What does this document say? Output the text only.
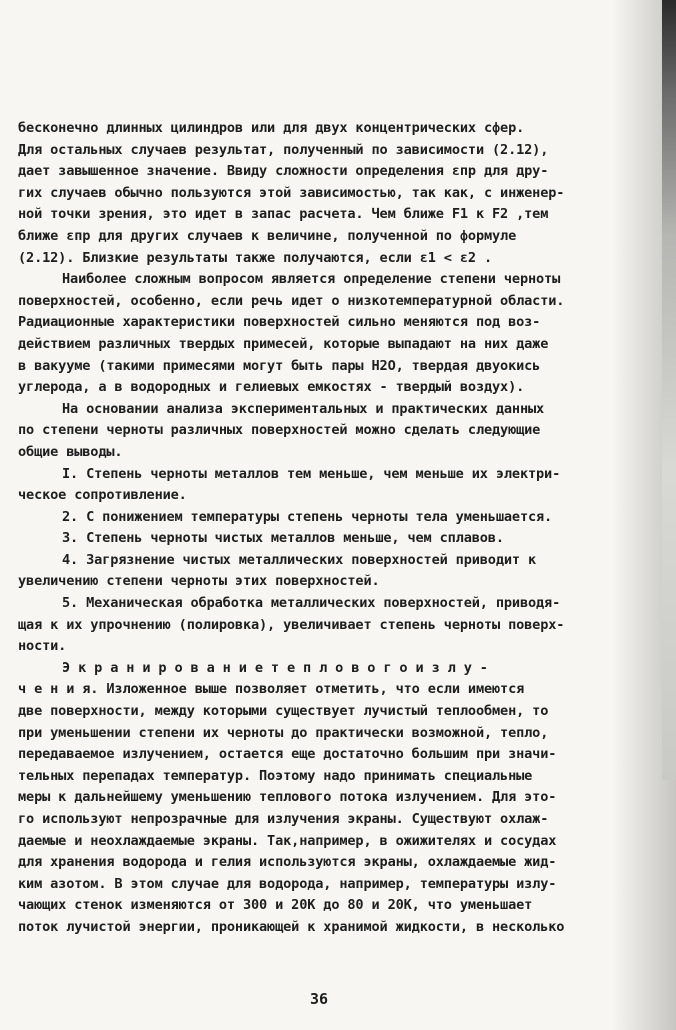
бесконечно длинных цилиндров или для двух концентрических сфер.
Для остальных случаев результат, полученный по зависимости (2.12),
дает завышенное значение. Ввиду сложности определения εпр для дру-
гих случаев обычно пользуются этой зависимостью, так как, с инженер-
ной точки зрения, это идет в запас расчета. Чем ближе F1 к F2 ,тем
ближе εпр для других случаев к величине, полученной по формуле
(2.12). Близкие результаты также получаются, если ε1 < ε2 .
Наиболее сложным вопросом является определение степени черноты
поверхностей, особенно, если речь идет о низкотемпературной области.
Радиационные характеристики поверхностей сильно меняются под воз-
действием различных твердых примесей, которые выпадают на них даже
в вакууме (такими примесями могут быть пары H2O, твердая двуокись
углерода, а в водородных и гелиевых емкостях - твердый воздух).
На основании анализа экспериментальных и практических данных
по степени черноты различных поверхностей можно сделать следующие
общие выводы.
I. Степень черноты металлов тем меньше, чем меньше их электри-
ческое сопротивление.
2. С понижением температуры степень черноты тела уменьшается.
3. Степень черноты чистых металлов меньше, чем сплавов.
4. Загрязнение чистых металлических поверхностей приводит к
увеличению степени черноты этих поверхностей.
5. Механическая обработка металлических поверхностей, приводя-
щая к их упрочнению (полировка), увеличивает степень черноты поверх-
ности.
Э к р а н и р о в а н и е т е п л о в о г о и з л у -
ч е н и я. Изложенное выше позволяет отметить, что если имеются
две поверхности, между которыми существует лучистый теплообмен, то
при уменьшении степени их черноты до практически возможной, тепло,
передаваемое излучением, остается еще достаточно большим при значи-
тельных перепадах температур. Поэтому надо принимать специальные
меры к дальнейшему уменьшению теплового потока излучением. Для это-
го используют непрозрачные для излучения экраны. Существуют охлаж-
даемые и неохлаждаемые экраны. Так,например, в ожижителях и сосудах
для хранения водорода и гелия используются экраны, охлаждаемые жид-
ким азотом. В этом случае для водорода, например, температуры излу-
чающих стенок изменяются от 300 и 20К до 80 и 20К, что уменьшает
поток лучистой энергии, проникающей к хранимой жидкости, в несколько
36
